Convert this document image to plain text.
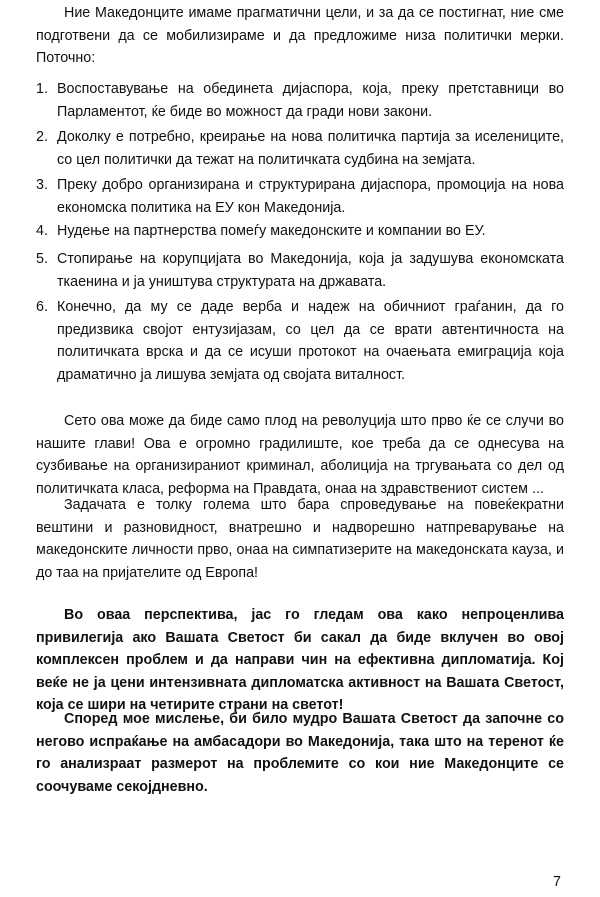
Ние Македонците имаме прагматични цели, и за да се постигнат, ние сме подготвени да се мобилизираме и да предложиме низа политички мерки. Поточно:

1. Воспоставување на обединета дијаспора, која, преку претставници во Парламентот, ќе биде во можност да гради нови закони.
2. Доколку е потребно, креирање на нова политичка партија за иселениците, со цел политички да тежат на политичката судбина на земјата.
3. Преку добро организирана и структурирана дијаспора, промоција на нова економска политика на ЕУ кон Македонија.
4. Нудење на партнерства помеѓу македонските и компании во ЕУ.
5. Стопирање на корупцијата во Македонија, која ја задушува економската ткаенина и ја уништува структурата на државата.
6. Конечно, да му се даде верба и надеж на обичниот граѓанин, да го предизвика својот ентузијазам, со цел да се врати автентичноста на политичката врска и да се исуши протокот на очаењата емиграција која драматично ја лишува земјата од својата виталност.

Сето ова може да биде само плод на револуција што прво ќе се случи во нашите глави! Ова е огромно градилиште, кое треба да се однесува на сузбивање на организираниот криминал, аболиција на тргувањата со дел од политичката класа, реформа на Правдата, онаа на здравствениот систем ...

Задачата е толку голема што бара спроведување на повеќекратни вештини и разновидност, внатрешно и надворешно натпреварување на македонските личности прво, онаа на симпатизерите на македонската кауза, и до таа на пријателите од Европа!

Во оваа перспектива, јас го гледам ова како непроценлива привилегија ако Вашата Светост би сакал да биде вклучен во овој комплексен проблем и да направи чин на ефективна дипломатија. Кој веќе не ја цени интензивната дипломатска активност на Вашата Светост, која се шири на четирите страни на светот!

Според мое мислење, би било мудро Вашата Светост да започне со негово испраќање на амбасадори во Македонија, така што на теренот ќе го анализраат размерот на проблемите со кои ние Македонците се соочуваме секојдневно.

7
